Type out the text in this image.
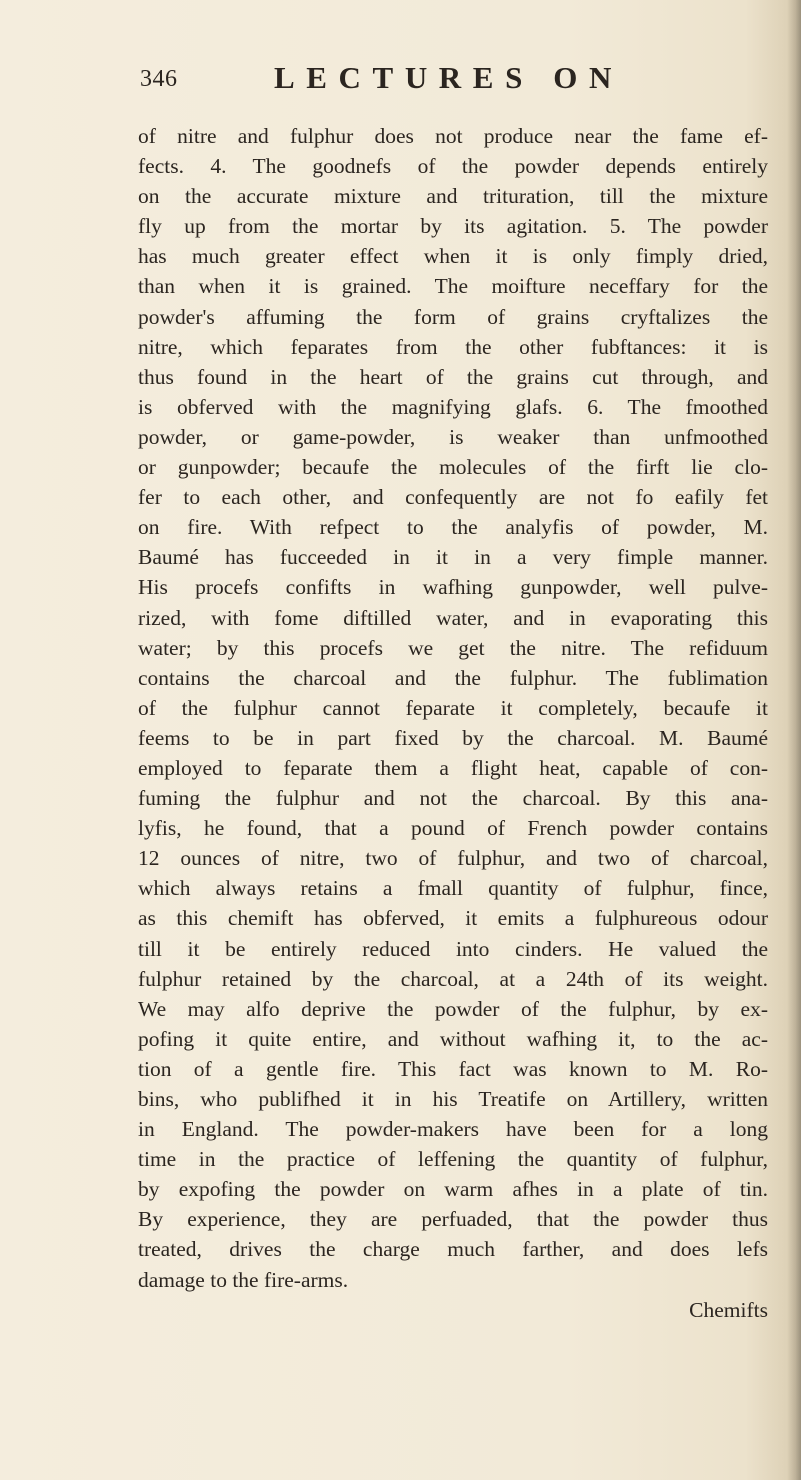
346	LECTURES ON
of nitre and fulphur does not produce near the fame ef-
fects. 4. The goodnefs of the powder depends entirely
on the accurate mixture and trituration, till the mixture
fly up from the mortar by its agitation. 5. The powder
has much greater effect when it is only fimply dried,
than when it is grained. The moifture neceffary for the
powder's affuming the form of grains cryftalizes the
nitre, which feparates from the other fubftances: it is
thus found in the heart of the grains cut through, and
is obferved with the magnifying glafs. 6. The fmoothed
powder, or game-powder, is weaker than unfmoothed
or gunpowder; becaufe the molecules of the firft lie clo-
fer to each other, and confequently are not fo eafily fet
on fire. With refpect to the analyfis of powder, M.
Baumé has fucceeded in it in a very fimple manner.
His procefs confifts in wafhing gunpowder, well pulve-
rized, with fome diftilled water, and in evaporating this
water; by this procefs we get the nitre. The refiduum
contains the charcoal and the fulphur. The fublimation
of the fulphur cannot feparate it completely, becaufe it
feems to be in part fixed by the charcoal. M. Baumé
employed to feparate them a flight heat, capable of con-
fuming the fulphur and not the charcoal. By this ana-
lyfis, he found, that a pound of French powder contains
12 ounces of nitre, two of fulphur, and two of charcoal,
which always retains a fmall quantity of fulphur, fince,
as this chemift has obferved, it emits a fulphureous odour
till it be entirely reduced into cinders. He valued the
fulphur retained by the charcoal, at a 24th of its weight.
We may alfo deprive the powder of the fulphur, by ex-
pofing it quite entire, and without wafhing it, to the ac-
tion of a gentle fire. This fact was known to M. Ro-
bins, who publifhed it in his Treatife on Artillery, written
in England. The powder-makers have been for a long
time in the practice of leffening the quantity of fulphur,
by expofing the powder on warm afhes in a plate of tin.
By experience, they are perfuaded, that the powder thus
treated, drives the charge much farther, and does lefs
damage to the fire-arms.
Chemifts
